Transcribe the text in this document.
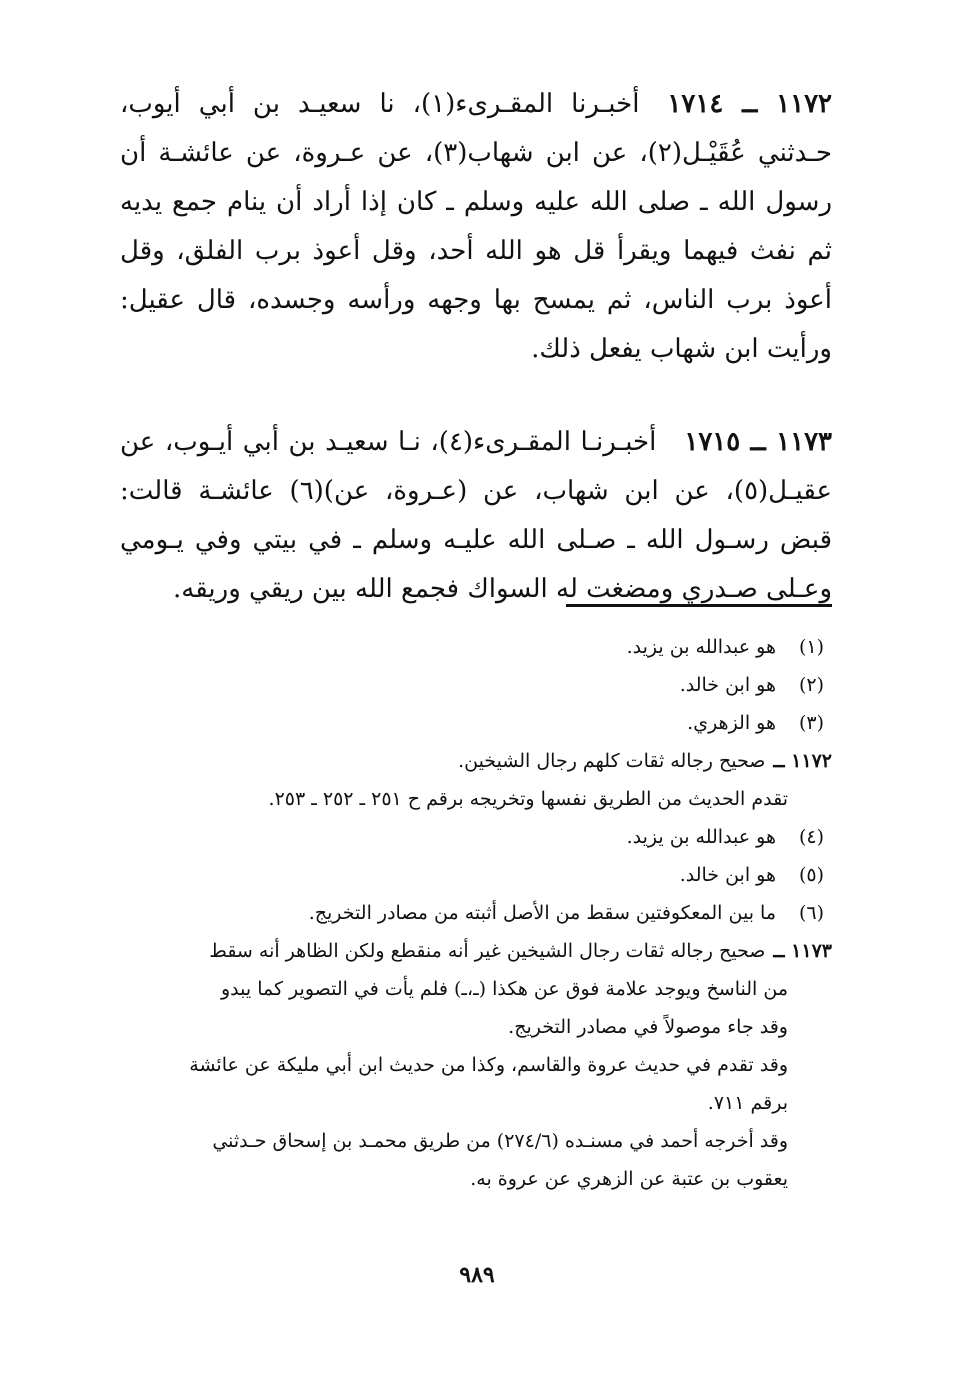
١١٧٢ ــ ١٧١٤أخبـرنا المقـرىء(١)، نا سعيـد بن أبي أيوب، حـدثني عُقَيْـل(٢)، عن ابن شهاب(٣)، عن عـروة، عن عائشـة أن رسول الله ـ صلى الله عليه وسلم ـ كان إذا أراد أن ينام جمع يديه ثم نفث فيهما ويقرأ قل هو الله أحد، وقل أعوذ برب الفلق، وقل أعوذ برب الناس، ثم يمسح بها وجهه ورأسه وجسده، قال عقيل: ورأيت ابن شهاب يفعل ذلك.

١١٧٣ ــ ١٧١٥أخبـرنـا المقـرىء(٤)، نـا سعيـد بن أبي أيـوب، عن عقيـل(٥)، عن ابن شهاب، عن (عـروة، عن)(٦) عائشـة قالت: قبض رسـول الله ـ صـلى الله عليـه وسلم ـ في بيتي وفي يـومي وعـلى صـدري ومضغت له السواك فجمع الله بين ريقي وريقه.

(١)
هو عبدالله بن يزيد.

(٢)
هو ابن خالد.

(٣)
هو الزهري.

١١٧٢ ــصحيح رجاله ثقات كلهم رجال الشيخين.

تقدم الحديث من الطريق نفسها وتخريجه برقم ح ٢٥١ ـ ٢٥٢ ـ ٢٥٣.

(٤)
هو عبدالله بن يزيد.

(٥)
هو ابن خالد.

(٦)
ما بين المعكوفتين سقط من الأصل أثبته من مصادر التخريج.

١١٧٣ ــصحيح رجاله ثقات رجال الشيخين غير أنه منقطع ولكن الظاهر أنه سقط

من الناسخ ويوجد علامة فوق عن هكذا (ـ،ـ) فلم يأت في التصوير كما يبدو
وقد جاء موصولاً في مصادر التخريج.
وقد تقدم في حديث عروة والقاسم، وكذا من حديث ابن أبي مليكة عن عائشة
برقم ٧١١.
وقد أخرجه أحمد في مسنـده (٢٧٤/٦) من طريق محمـد بن إسحاق حـدثني
يعقوب بن عتبة عن الزهري عن عروة به.

٩٨٩
